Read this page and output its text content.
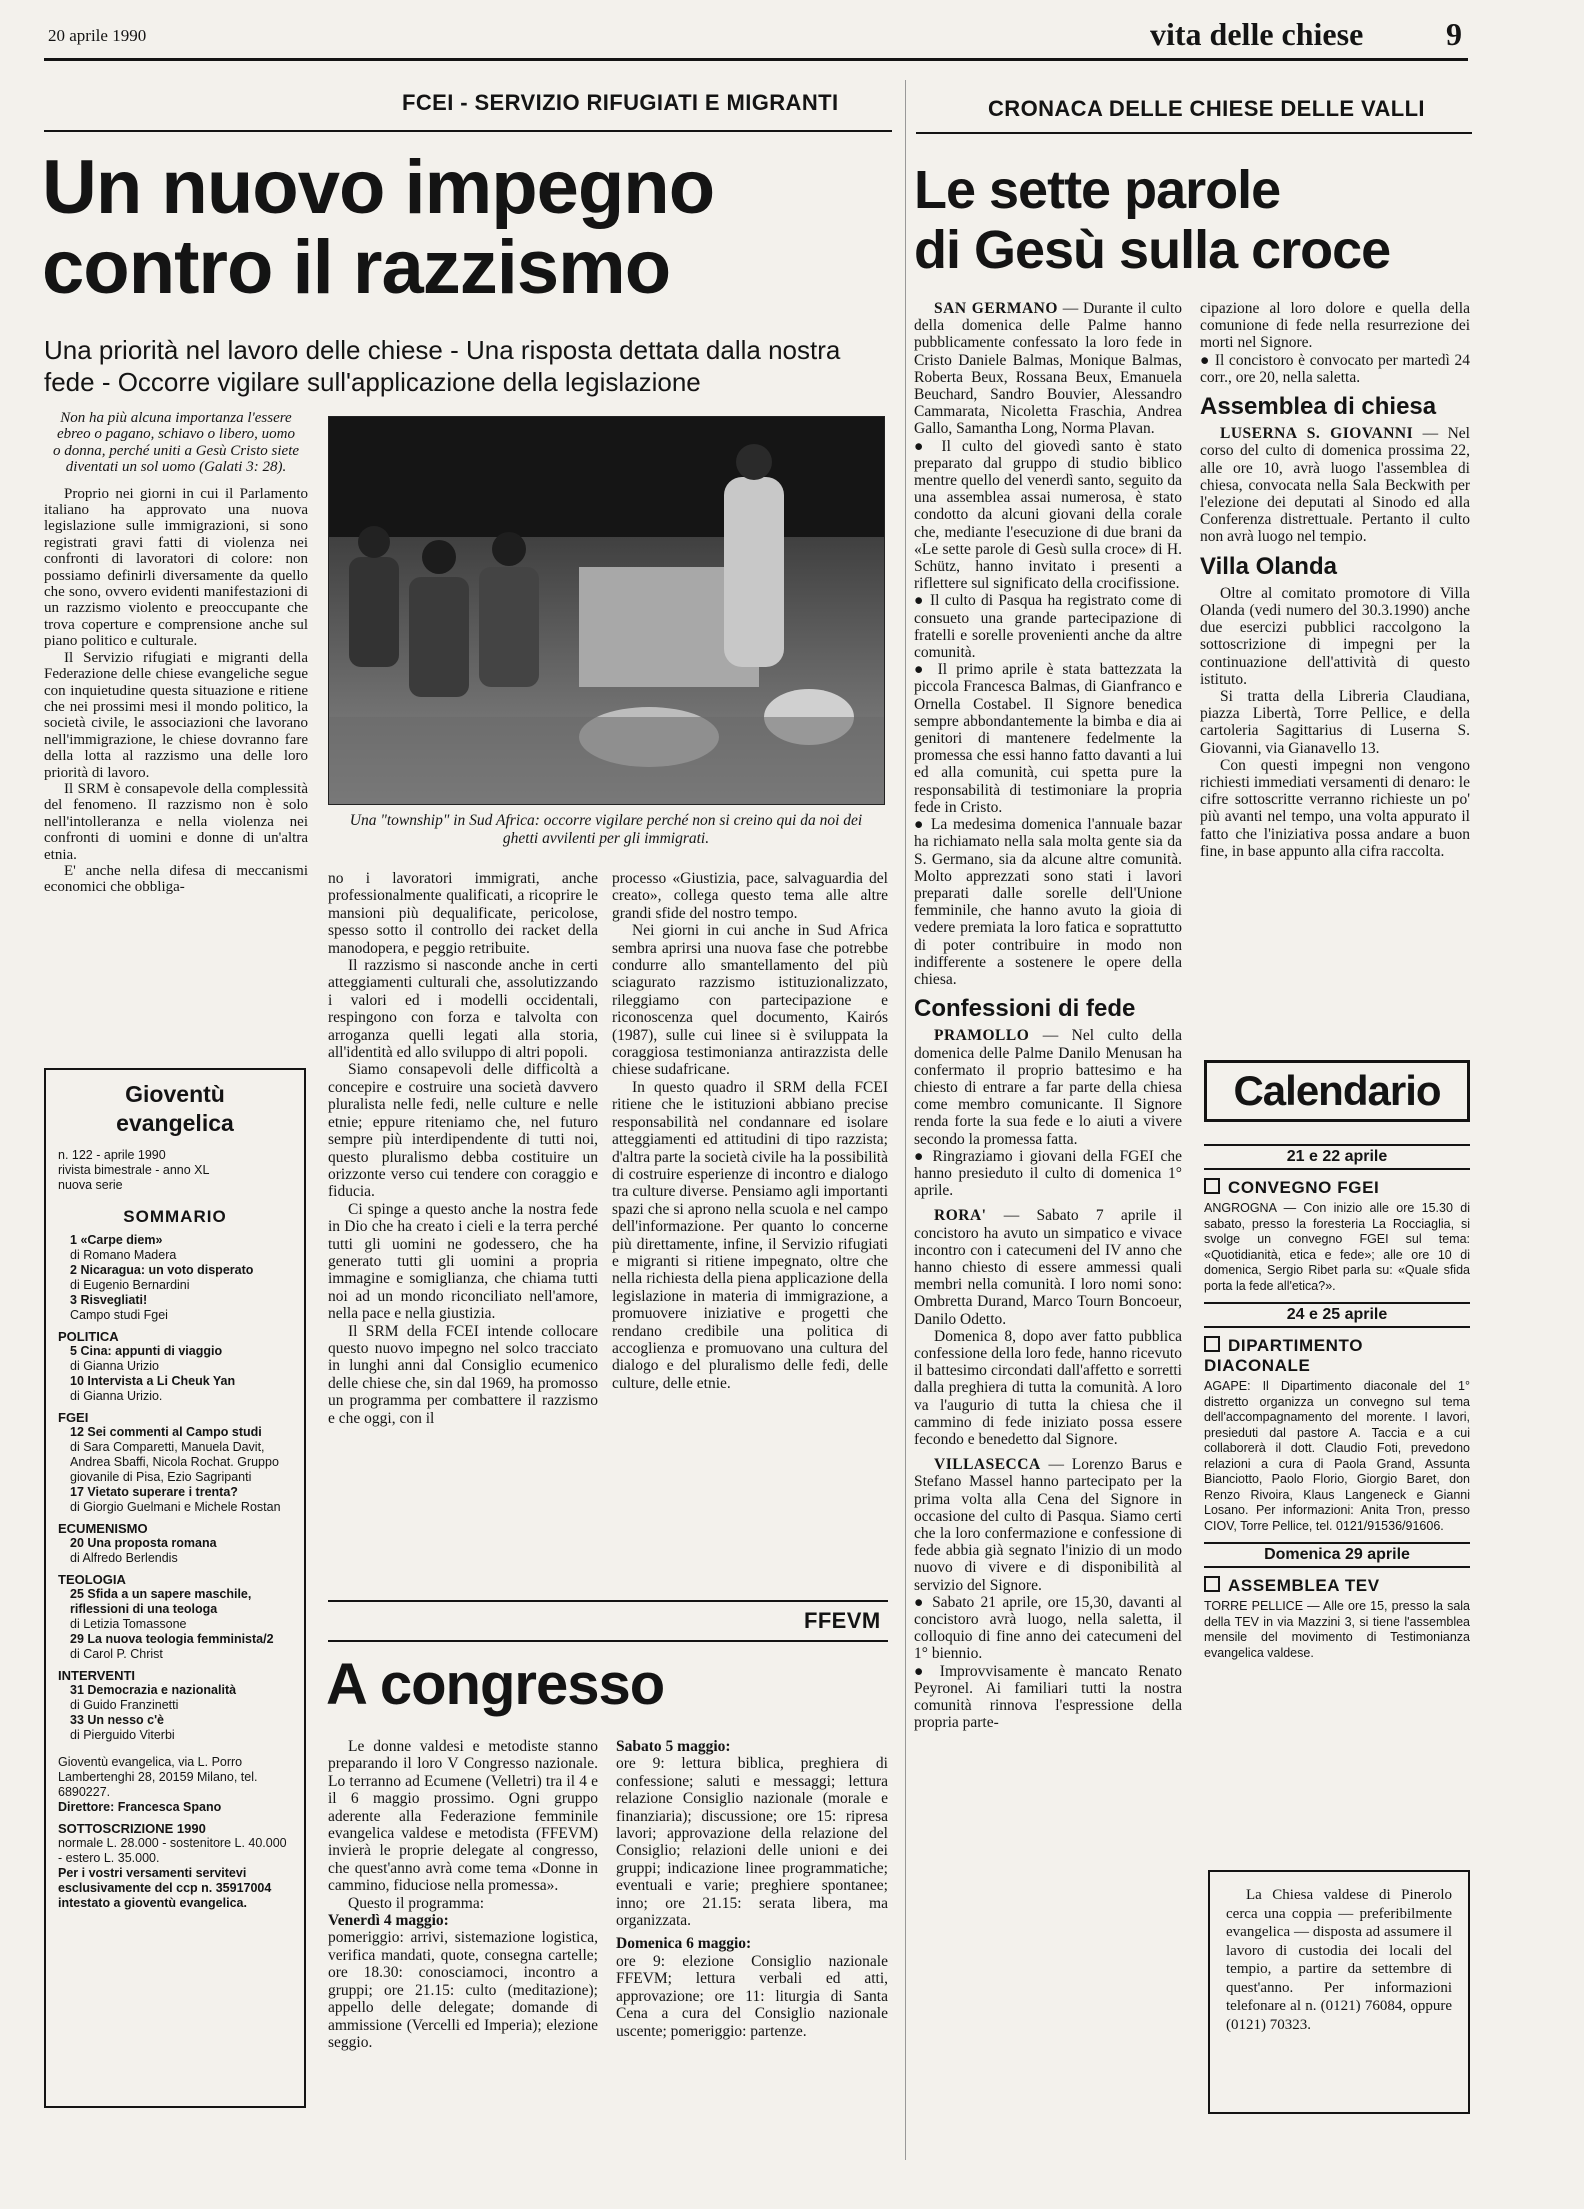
20 aprile 1990	vita delle chiese	9
FCEI - SERVIZIO RIFUGIATI E MIGRANTI
Un nuovo impegno
contro il razzismo
Una priorità nel lavoro delle chiese - Una risposta dettata dalla nostra fede - Occorre vigilare sull'applicazione della legislazione

Non ha più alcuna importanza l'essere ebreo o pagano, schiavo o libero, uomo o donna, perché uniti a Gesù Cristo siete diventati un sol uomo (Galati 3: 28).

Proprio nei giorni in cui il Parlamento italiano ha approvato una nuova legislazione sulle immigrazioni, si sono registrati gravi fatti di violenza nei confronti di lavoratori di colore: non possiamo definirli diversamente da quello che sono, ovvero evidenti manifestazioni di un razzismo violento e preoccupante che trova coperture e comprensione anche sul piano politico e culturale.

Il Servizio rifugiati e migranti della Federazione delle chiese evangeliche segue con inquietudine questa situazione e ritiene che nei prossimi mesi il mondo politico, la società civile, le associazioni che lavorano nell'immigrazione, le chiese dovranno fare della lotta al razzismo una delle loro priorità di lavoro.

Il SRM è consapevole della complessità del fenomeno. Il razzismo non è solo nell'intolleranza e nella violenza nei confronti di uomini e donne di un'altra etnia.

E' anche nella difesa di meccanismi economici che obbliga-

Una "township" in Sud Africa: occorre vigilare perché non si creino qui da noi dei ghetti avvilenti per gli immigrati.

no i lavoratori immigrati, anche professionalmente qualificati, a ricoprire le mansioni più dequalificate, pericolose, spesso sotto il controllo dei racket della manodopera, e peggio retribuite.

Il razzismo si nasconde anche in certi atteggiamenti culturali che, assolutizzando i valori ed i modelli occidentali, respingono con forza e talvolta con arroganza quelli legati alla storia, all'identità ed allo sviluppo di altri popoli.

Siamo consapevoli delle difficoltà a concepire e costruire una società davvero pluralista nelle fedi, nelle culture e nelle etnie; eppure riteniamo che, nel futuro sempre più interdipendente di tutti noi, questo pluralismo debba costituire un orizzonte verso cui tendere con coraggio e fiducia.

Ci spinge a questo anche la nostra fede in Dio che ha creato i cieli e la terra perché tutti gli uomini ne godessero, che ha generato tutti gli uomini a propria immagine e somiglianza, che chiama tutti noi ad un mondo riconciliato nell'amore, nella pace e nella giustizia.

Il SRM della FCEI intende collocare questo nuovo impegno nel solco tracciato in lunghi anni dal Consiglio ecumenico delle chiese che, sin dal 1969, ha promosso un programma per combattere il razzismo e che oggi, con il

processo «Giustizia, pace, salvaguardia del creato», collega questo tema alle altre grandi sfide del nostro tempo.

Nei giorni in cui anche in Sud Africa sembra aprirsi una nuova fase che potrebbe condurre allo smantellamento del più sciagurato razzismo istituzionalizzato, rileggiamo con partecipazione e riconoscenza quel documento, Kairós (1987), sulle cui linee si è sviluppata la coraggiosa testimonianza antirazzista delle chiese sudafricane.

In questo quadro il SRM della FCEI ritiene che le istituzioni abbiano precise responsabilità nel condannare ed isolare atteggiamenti ed attitudini di tipo razzista; d'altra parte la società civile ha la possibilità di costruire esperienze di incontro e dialogo tra culture diverse. Pensiamo agli importanti spazi che si aprono nella scuola e nel campo dell'informazione. Per quanto lo concerne più direttamente, infine, il Servizio rifugiati e migranti si ritiene impegnato, oltre che nella richiesta della piena applicazione della legislazione in materia di immigrazione, a promuovere iniziative e progetti che rendano credibile una politica di accoglienza e promuovano una cultura del dialogo e del pluralismo delle fedi, delle culture, delle etnie.

Gioventù evangelica
n. 122 - aprile 1990
rivista bimestrale - anno XL
nuova serie
SOMMARIO
1 «Carpe diem»
di Romano Madera
2 Nicaragua: un voto disperato
di Eugenio Bernardini
3 Risvegliati!
Campo studi Fgei
POLITICA
5 Cina: appunti di viaggio
di Gianna Urizio
10 Intervista a Li Cheuk Yan
di Gianna Urizio.
FGEI
12 Sei commenti al Campo studi
di Sara Comparetti, Manuela Davit, Andrea Sbaffi, Nicola Rochat. Gruppo giovanile di Pisa, Ezio Sagripanti
17 Vietato superare i trenta?
di Giorgio Guelmani e Michele Rostan
ECUMENISMO
20 Una proposta romana
di Alfredo Berlendis
TEOLOGIA
25 Sfida a un sapere maschile, riflessioni di una teologa
di Letizia Tomassone
29 La nuova teologia femminista/2
di Carol P. Christ
INTERVENTI
31 Democrazia e nazionalità
di Guido Franzinetti
33 Un nesso c'è
di Pierguido Viterbi
Gioventù evangelica, via L. Porro Lambertenghi 28, 20159 Milano, tel. 6890227.
Direttore: Francesca Spano
SOTTOSCRIZIONE 1990
normale L. 28.000 - sostenitore L. 40.000 - estero L. 35.000.
Per i vostri versamenti servitevi esclusivamente del ccp n. 35917004 intestato a gioventù evangelica.
FFEVM
A congresso

Le donne valdesi e metodiste stanno preparando il loro V Congresso nazionale. Lo terranno ad Ecumene (Velletri) tra il 4 e il 6 maggio prossimo. Ogni gruppo aderente alla Federazione femminile evangelica valdese e metodista (FFEVM) invierà le proprie delegate al congresso, che quest'anno avrà come tema «Donne in cammino, fiduciose nella promessa».

Questo il programma:

Venerdì 4 maggio:

pomeriggio: arrivi, sistemazione logistica, verifica mandati, quote, consegna cartelle; ore 18.30: conosciamoci, incontro a gruppi; ore 21.15: culto (meditazione); appello delle delegate; domande di ammissione (Vercelli ed Imperia); elezione seggio.

Sabato 5 maggio:

ore 9: lettura biblica, preghiera di confessione; saluti e messaggi; lettura relazione Consiglio nazionale (morale e finanziaria); discussione; ore 15: ripresa lavori; approvazione della relazione del Consiglio; relazioni delle unioni e dei gruppi; indicazione linee programmatiche; eventuali e varie; preghiere spontanee; inno; ore 21.15: serata libera, ma organizzata.

Domenica 6 maggio:

ore 9: elezione Consiglio nazionale FFEVM; lettura verbali ed atti, approvazione; ore 11: liturgia di Santa Cena a cura del Consiglio nazionale uscente; pomeriggio: partenze.

CRONACA DELLE CHIESE DELLE VALLI
Le sette parole
di Gesù sulla croce

SAN GERMANO — Durante il culto della domenica delle Palme hanno pubblicamente confessato la loro fede in Cristo Daniele Balmas, Monique Balmas, Roberta Beux, Rossana Beux, Emanuela Beuchard, Sandro Bouvier, Alessandro Cammarata, Nicoletta Fraschia, Andrea Gallo, Samantha Long, Norma Plavan.

● Il culto del giovedì santo è stato preparato dal gruppo di studio biblico mentre quello del venerdì santo, seguito da una assemblea assai numerosa, è stato condotto da alcuni giovani della corale che, mediante l'esecuzione di due brani da «Le sette parole di Gesù sulla croce» di H. Schütz, hanno invitato i presenti a riflettere sul significato della crocifissione.

● Il culto di Pasqua ha registrato come di consueto una grande partecipazione di fratelli e sorelle provenienti anche da altre comunità.

● Il primo aprile è stata battezzata la piccola Francesca Balmas, di Gianfranco e Ornella Costabel. Il Signore benedica sempre abbondantemente la bimba e dia ai genitori di mantenere fedelmente la promessa che essi hanno fatto davanti a lui ed alla comunità, cui spetta pure la responsabilità di testimoniare la propria fede in Cristo.

● La medesima domenica l'annuale bazar ha richiamato nella sala molta gente sia da S. Germano, sia da alcune altre comunità. Molto apprezzati sono stati i lavori preparati dalle sorelle dell'Unione femminile, che hanno avuto la gioia di vedere premiata la loro fatica e soprattutto di poter contribuire in modo non indifferente a sostenere le opere della chiesa.

Confessioni di fede

PRAMOLLO — Nel culto della domenica delle Palme Danilo Menusan ha confermato il proprio battesimo e ha chiesto di entrare a far parte della chiesa come membro comunicante. Il Signore renda forte la sua fede e lo aiuti a vivere secondo la promessa fatta.

● Ringraziamo i giovani della FGEI che hanno presieduto il culto di domenica 1° aprile.

RORA' — Sabato 7 aprile il concistoro ha avuto un simpatico e vivace incontro con i catecumeni del IV anno che hanno chiesto di essere ammessi quali membri nella comunità. I loro nomi sono: Ombretta Durand, Marco Tourn Boncoeur, Danilo Odetto.

Domenica 8, dopo aver fatto pubblica confessione della loro fede, hanno ricevuto il battesimo circondati dall'affetto e sorretti dalla preghiera di tutta la comunità. A loro va l'augurio di tutta la chiesa che il cammino di fede iniziato possa essere fecondo e benedetto dal Signore.

VILLASECCA — Lorenzo Barus e Stefano Massel hanno partecipato per la prima volta alla Cena del Signore in occasione del culto di Pasqua. Siamo certi che la loro confermazione e confessione di fede abbia già segnato l'inizio di un modo nuovo di vivere e di disponibilità al servizio del Signore.

● Sabato 21 aprile, ore 15,30, davanti al concistoro avrà luogo, nella saletta, il colloquio di fine anno dei catecumeni del 1° biennio.

● Improvvisamente è mancato Renato Peyronel. Ai familiari tutti la nostra comunità rinnova l'espressione della propria parte-

cipazione al loro dolore e quella della comunione di fede nella resurrezione dei morti nel Signore.

● Il concistoro è convocato per martedì 24 corr., ore 20, nella saletta.

Assemblea di chiesa

LUSERNA S. GIOVANNI — Nel corso del culto di domenica prossima 22, alle ore 10, avrà luogo l'assemblea di chiesa, convocata nella Sala Beckwith per l'elezione dei deputati al Sinodo ed alla Conferenza distrettuale. Pertanto il culto non avrà luogo nel tempio.

Villa Olanda

Oltre al comitato promotore di Villa Olanda (vedi numero del 30.3.1990) anche due esercizi pubblici raccolgono la sottoscrizione di impegni per la continuazione dell'attività di questo istituto.

Si tratta della Libreria Claudiana, piazza Libertà, Torre Pellice, e della cartoleria Sagittarius di Luserna S. Giovanni, via Gianavello 13.

Con questi impegni non vengono richiesti immediati versamenti di denaro: le cifre sottoscritte verranno richieste un po' più avanti nel tempo, una volta appurato il fatto che l'iniziativa possa andare a buon fine, in base appunto alla cifra raccolta.

Calendario
21 e 22 aprile
CONVEGNO FGEI
ANGROGNA — Con inizio alle ore 15.30 di sabato, presso la foresteria La Rocciaglia, si svolge un convegno FGEI sul tema: «Quotidianità, etica e fede»; alle ore 10 di domenica, Sergio Ribet parla su: «Quale sfida porta la fede all'etica?».
24 e 25 aprile
DIPARTIMENTO DIACONALE
AGAPE: Il Dipartimento diaconale del 1° distretto organizza un convegno sul tema dell'accompagnamento del morente. I lavori, presieduti dal pastore A. Taccia e a cui collaborerà il dott. Claudio Foti, prevedono relazioni a cura di Paola Grand, Assunta Bianciotto, Paolo Florio, Giorgio Baret, don Renzo Rivoira, Klaus Langeneck e Gianni Losano. Per informazioni: Anita Tron, presso CIOV, Torre Pellice, tel. 0121/91536/91606.
Domenica 29 aprile
ASSEMBLEA TEV
TORRE PELLICE — Alle ore 15, presso la sala della TEV in via Mazzini 3, si tiene l'assemblea mensile del movimento di Testimonianza evangelica valdese.
La Chiesa valdese di Pinerolo cerca una coppia — preferibilmente evangelica — disposta ad assumere il lavoro di custodia dei locali del tempio, a partire da settembre di quest'anno. Per informazioni telefonare al n. (0121) 76084, oppure (0121) 70323.
